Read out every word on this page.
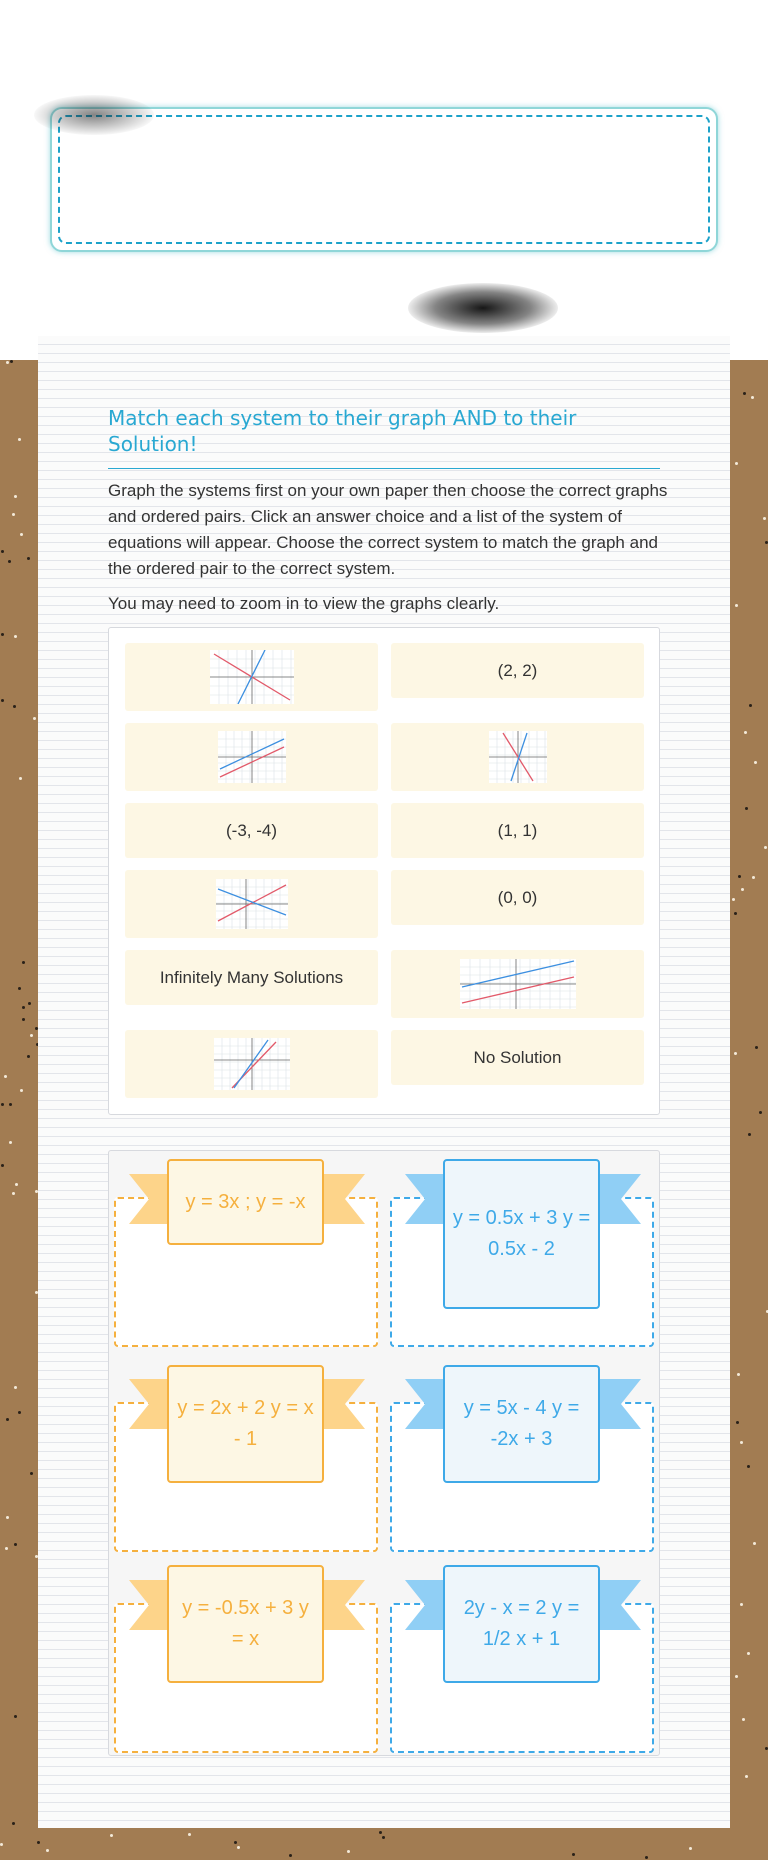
Match each system to their graph AND to their Solution!
Graph the systems first on your own paper then choose the correct graphs and ordered pairs. Click an answer choice and a list of the system of equations will appear. Choose the correct system to match the graph and the ordered pair to the correct system.
You may need to zoom in to view the graphs clearly.
(2, 2)
(-3, -4)	(1, 1)
(0, 0)
Infinitely Many Solutions
No Solution
y = 3x ; y = -x
y = 0.5x + 3 y = 0.5x - 2
y = 2x + 2 y = x - 1
y = 5x - 4 y = -2x + 3
y = -0.5x + 3 y = x
2y - x = 2 y = 1/2 x + 1
